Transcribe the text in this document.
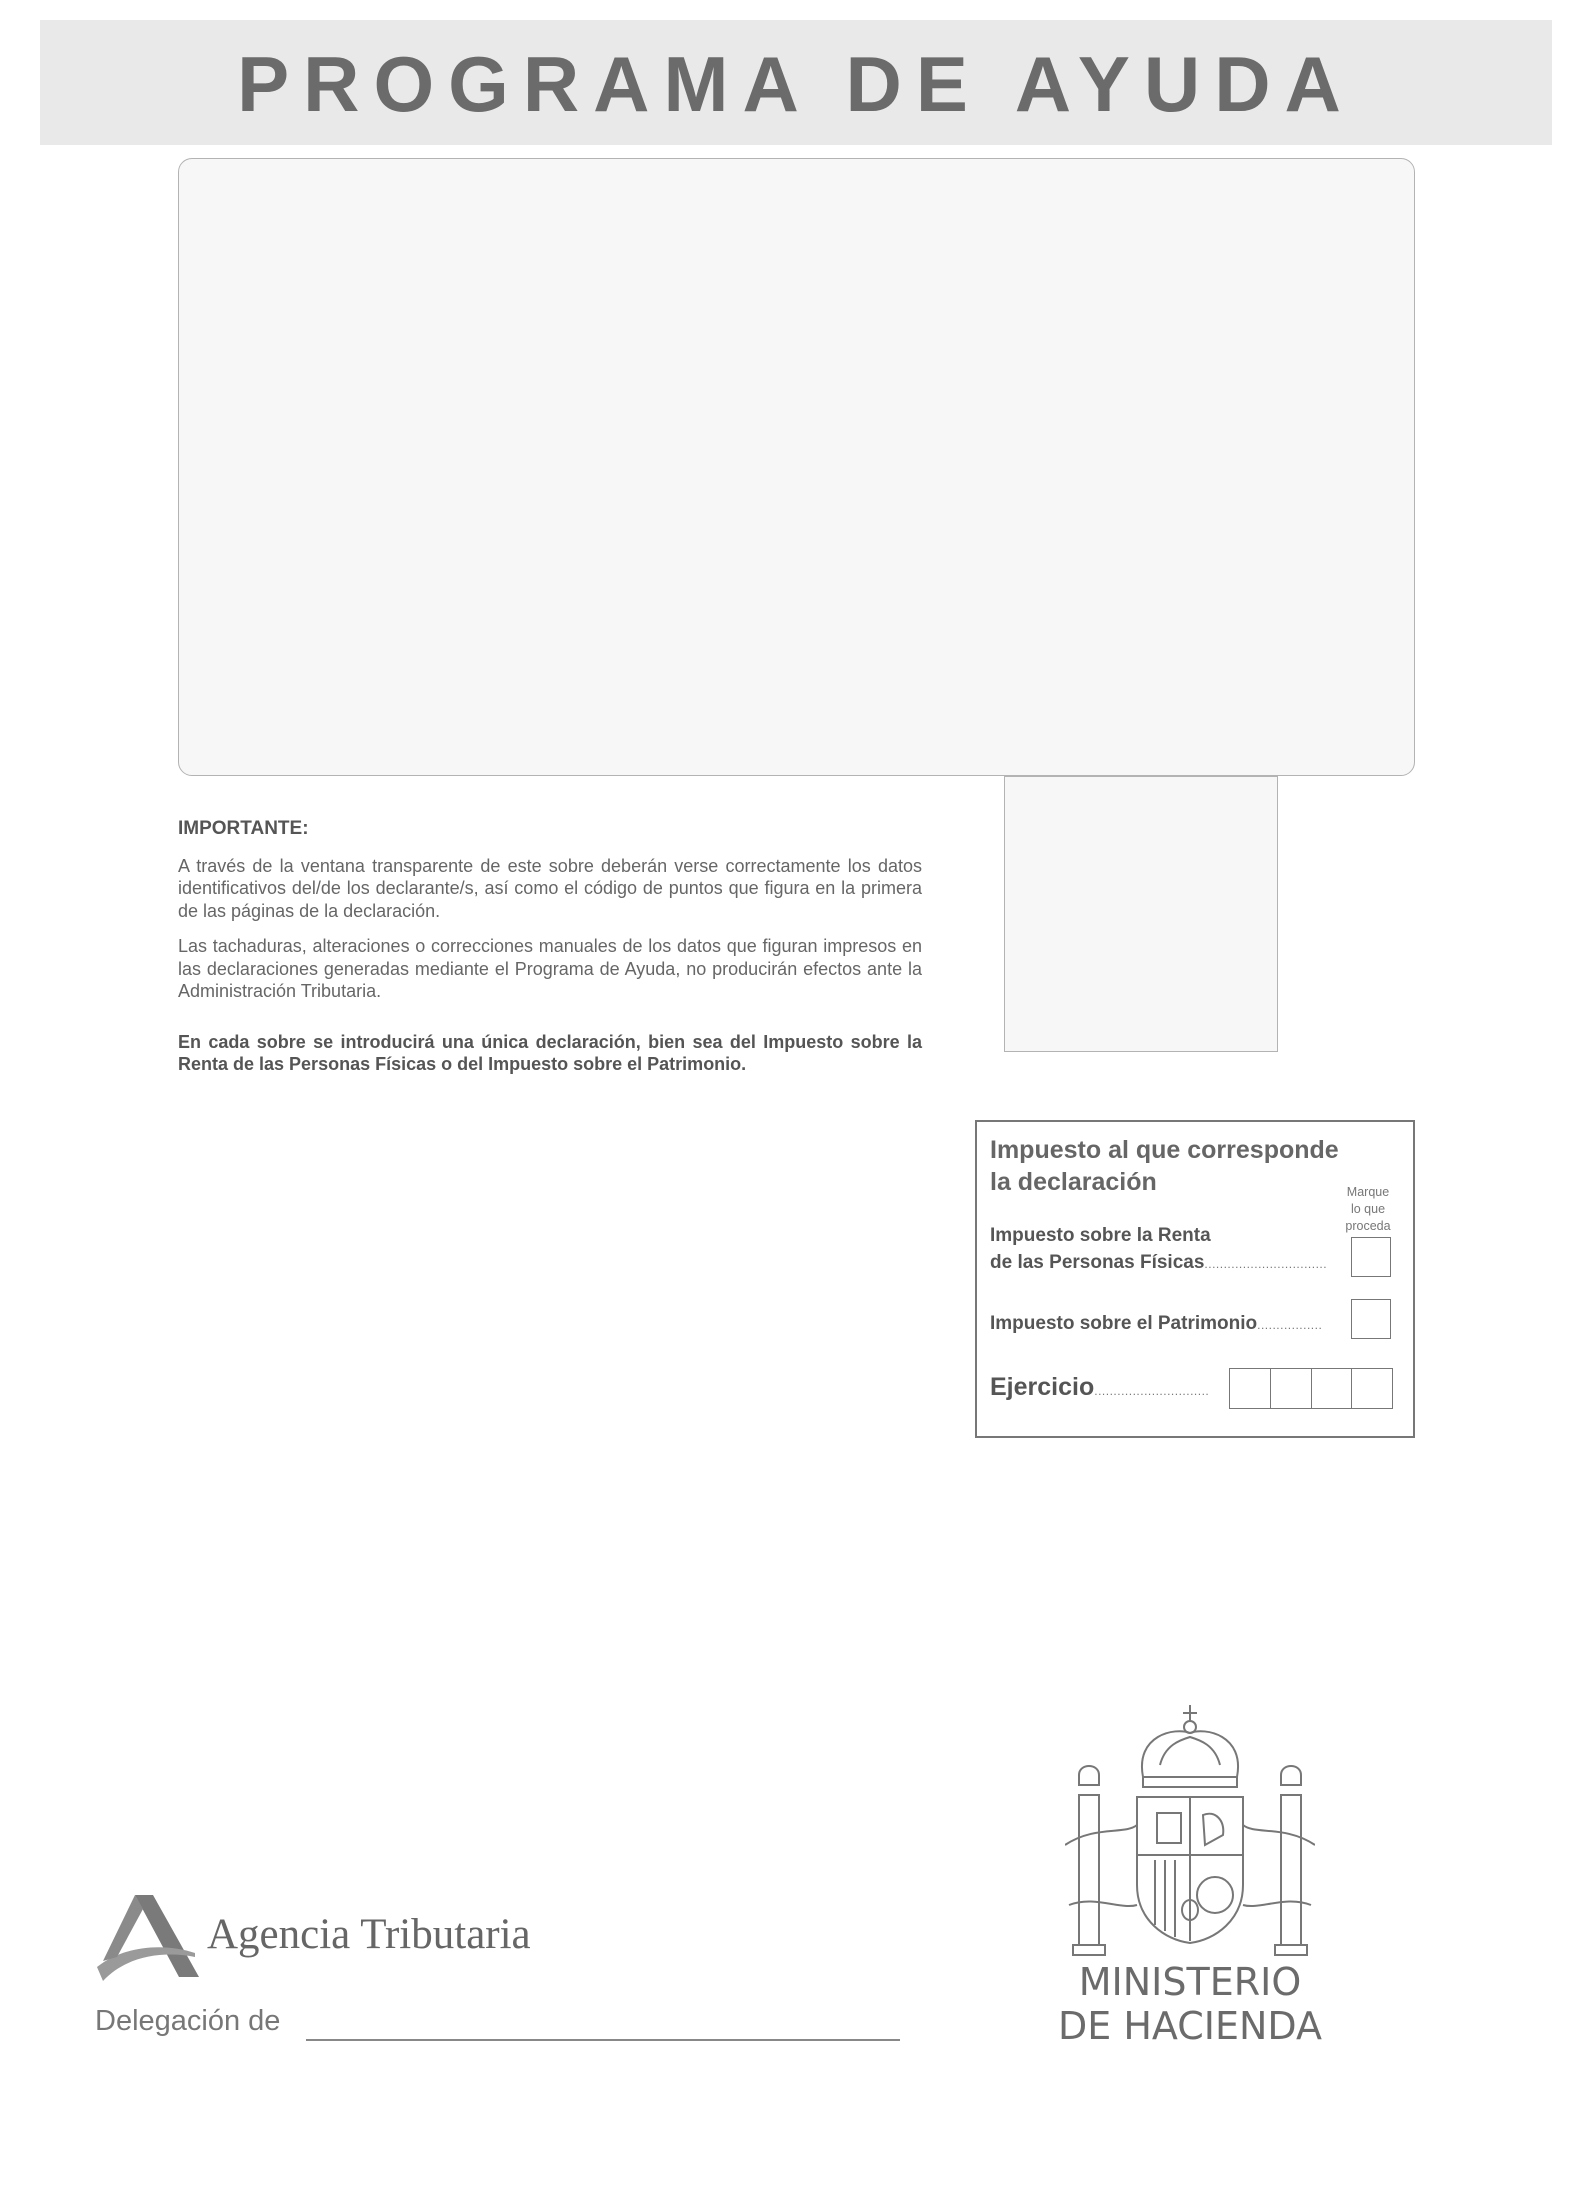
PROGRAMA DE AYUDA
IMPORTANTE:

A través de la ventana transparente de este sobre deberán verse correctamente los datos identificativos del/de los declarante/s, así como el código de puntos que figura en la primera de las páginas de la declaración.

Las tachaduras, alteraciones o correcciones manuales de los datos que figuran impresos en las declaraciones generadas mediante el Programa de Ayuda, no producirán efectos ante la Administración Tributaria.

En cada sobre se introducirá una única declaración, bien sea del Impuesto sobre la Renta de las Personas Físicas o del Impuesto sobre el Patrimonio.

Impuesto al que corresponde
la declaración	Marque
lo que
proceda
Impuesto sobre la Renta
de las Personas Físicas................................
Impuesto sobre el Patrimonio.................
Ejercicio..............................
Agencia Tributaria
Delegación de
MINISTERIO
DE HACIENDA
